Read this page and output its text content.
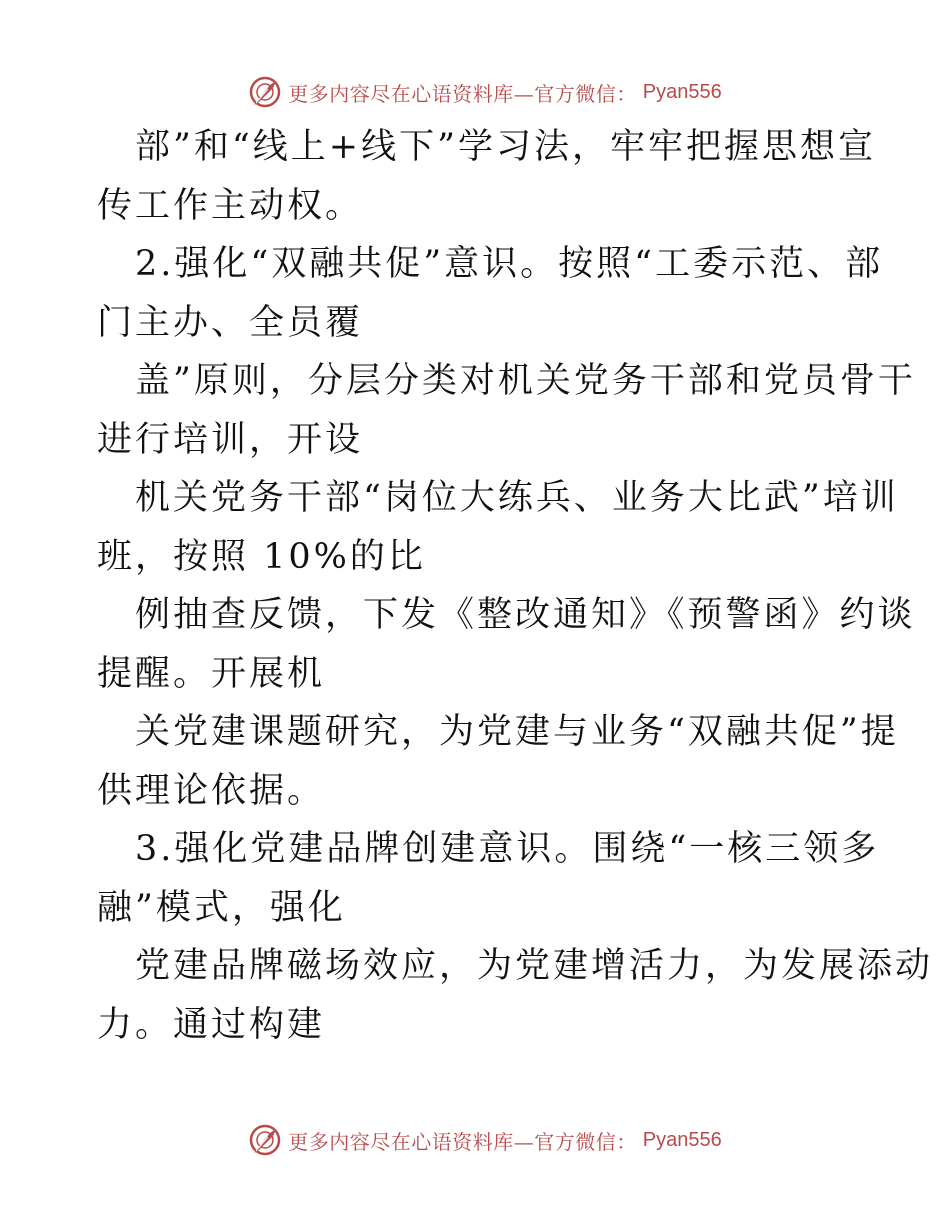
更多内容尽在心语资料库—官方微信： Pyan556
部”和“线上+线下”学习法，牢牢把握思想宣
传工作主动权。
2.强化“双融共促”意识。按照“工委示范、部
门主办、全员覆
盖”原则，分层分类对机关党务干部和党员骨干
进行培训，开设
机关党务干部“岗位大练兵、业务大比武”培训
班，按照 10%的比
例抽查反馈，下发《整改通知》《预警函》约谈
提醒。开展机
关党建课题研究，为党建与业务“双融共促”提
供理论依据。
3.强化党建品牌创建意识。围绕“一核三领多
融”模式，强化
党建品牌磁场效应，为党建增活力，为发展添动
力。通过构建
更多内容尽在心语资料库—官方微信： Pyan556
